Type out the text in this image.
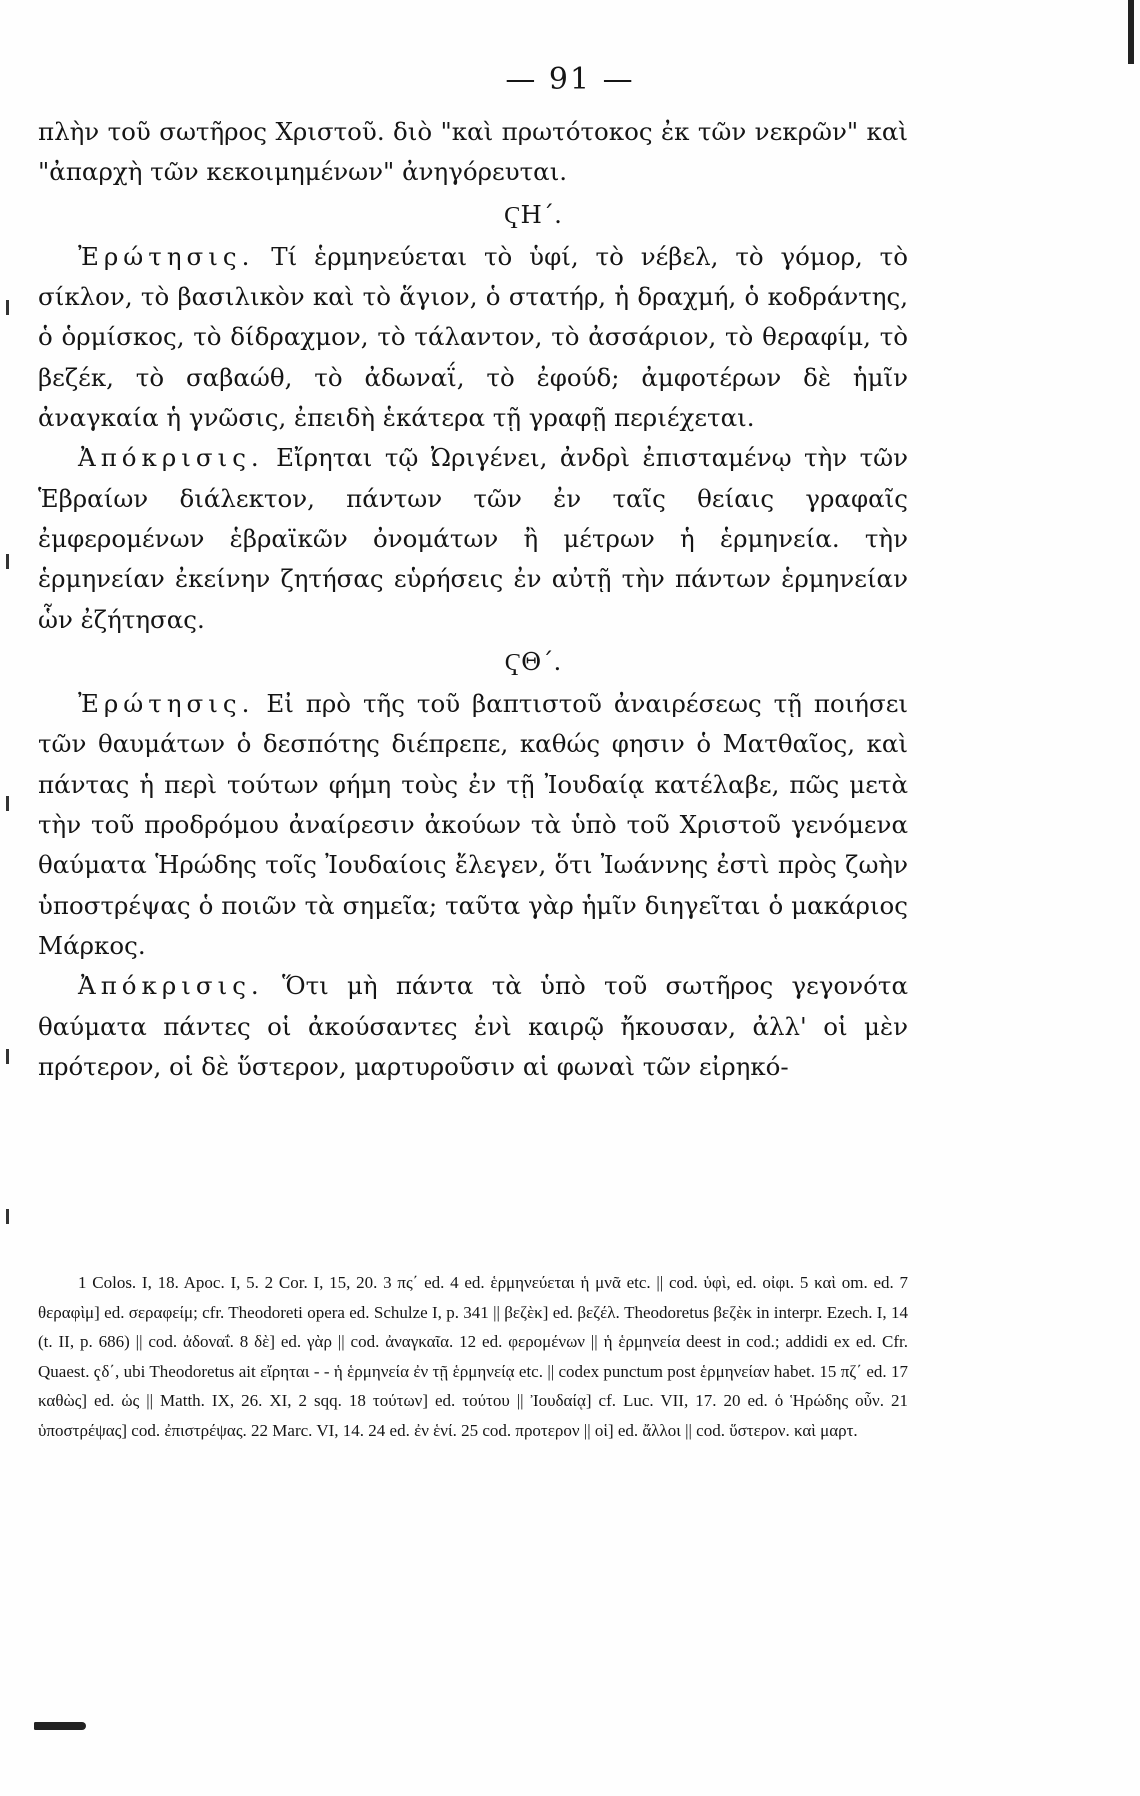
— 91 —

πλὴν τοῦ σωτῆρος Χριστοῦ. διὸ "καὶ πρωτότοκος ἐκ τῶν νεκρῶν" καὶ "ἀπαρχὴ τῶν κεκοιμημένων" ἀνηγόρευται.

ҀΗ΄.

Ἐρώτησις. Τί ἑρμηνεύεται τὸ ὑφί, τὸ νέβελ, τὸ γόμορ, τὸ σίκλον, τὸ βασιλικὸν καὶ τὸ ἅγιον, ὁ στατήρ, ἡ δραχμή, ὁ κοδράντης, ὁ ὁρμίσκος, τὸ δίδραχμον, τὸ τάλαντον, τὸ ἀσσάριον, τὸ θεραφίμ, τὸ βεζέκ, τὸ σαβαώθ, τὸ ἀδωναΐ, τὸ ἐφούδ; ἀμφοτέρων δὲ ἡμῖν ἀναγκαία ἡ γνῶσις, ἐπειδὴ ἑκάτερα τῇ γραφῇ περιέχεται.

Ἀπόκρισις. Εἴρηται τῷ Ὠριγένει, ἀνδρὶ ἐπισταμένῳ τὴν τῶν Ἑβραίων διάλεκτον, πάντων τῶν ἐν ταῖς θείαις γραφαῖς ἐμφερομένων ἑβραϊκῶν ὀνομάτων ἢ μέτρων ἡ ἑρμηνεία. τὴν ἑρμηνείαν ἐκείνην ζητήσας εὑρήσεις ἐν αὐτῇ τὴν πάντων ἑρμηνείαν ὧν ἐζήτησας.

ҀΘ΄.

Ἐρώτησις. Εἰ πρὸ τῆς τοῦ βαπτιστοῦ ἀναιρέσεως τῇ ποιήσει τῶν θαυμάτων ὁ δεσπότης διέπρεπε, καθώς φησιν ὁ Ματθαῖος, καὶ πάντας ἡ περὶ τούτων φήμη τοὺς ἐν τῇ Ἰουδαίᾳ κατέλαβε, πῶς μετὰ τὴν τοῦ προδρόμου ἀναίρεσιν ἀκούων τὰ ὑπὸ τοῦ Χριστοῦ γενόμενα θαύματα Ἡρώδης τοῖς Ἰουδαίοις ἔλεγεν, ὅτι Ἰωάννης ἐστὶ πρὸς ζωὴν ὑποστρέψας ὁ ποιῶν τὰ σημεῖα; ταῦτα γὰρ ἡμῖν διηγεῖται ὁ μακάριος Μάρκος.

Ἀπόκρισις. Ὅτι μὴ πάντα τὰ ὑπὸ τοῦ σωτῆρος γεγονότα θαύματα πάντες οἱ ἀκούσαντες ἐνὶ καιρῷ ἤκουσαν, ἀλλ' οἱ μὲν πρότερον, οἱ δὲ ὕστερον, μαρτυροῦσιν αἱ φωναὶ τῶν εἰρηκό-

1 Colos. I, 18. Apoc. I, 5. 2 Cor. I, 15, 20. 3 πς΄ ed. 4 ed. ἑρμηνεύεται ἡ μνᾶ etc. || cod. ὑφὶ, ed. οἰφι. 5 καὶ om. ed. 7 θεραφὶμ] ed. σεραφείμ; cfr. Theodoreti opera ed. Schulze I, p. 341 || βεζὲκ] ed. βεζέλ. Theodoretus βεζὲκ in interpr. Ezech. I, 14 (t. II, p. 686) || cod. ἀδοναΐ. 8 δὲ] ed. γὰρ || cod. ἀναγκαῖα. 12 ed. φερομένων || ἡ ἑρμηνεία deest in cod.; addidi ex ed. Cfr. Quaest. ҁδ΄, ubi Theodoretus ait εἴρηται - - ἡ ἑρμηνεία ἐν τῇ ἑρμηνείᾳ etc. || codex punctum post ἑρμηνείαν habet. 15 πζ΄ ed. 17 καθὼς] ed. ὡς || Matth. IX, 26. XI, 2 sqq. 18 τούτων] ed. τούτου || Ἰουδαίᾳ] cf. Luc. VII, 17. 20 ed. ὁ Ἡρώδης οὖν. 21 ὑποστρέψας] cod. ἐπιστρέψας. 22 Marc. VI, 14. 24 ed. ἐν ἑνί. 25 cod. προτερον || οἱ] ed. ἄλλοι || cod. ὕστερον. καὶ μαρτ.
